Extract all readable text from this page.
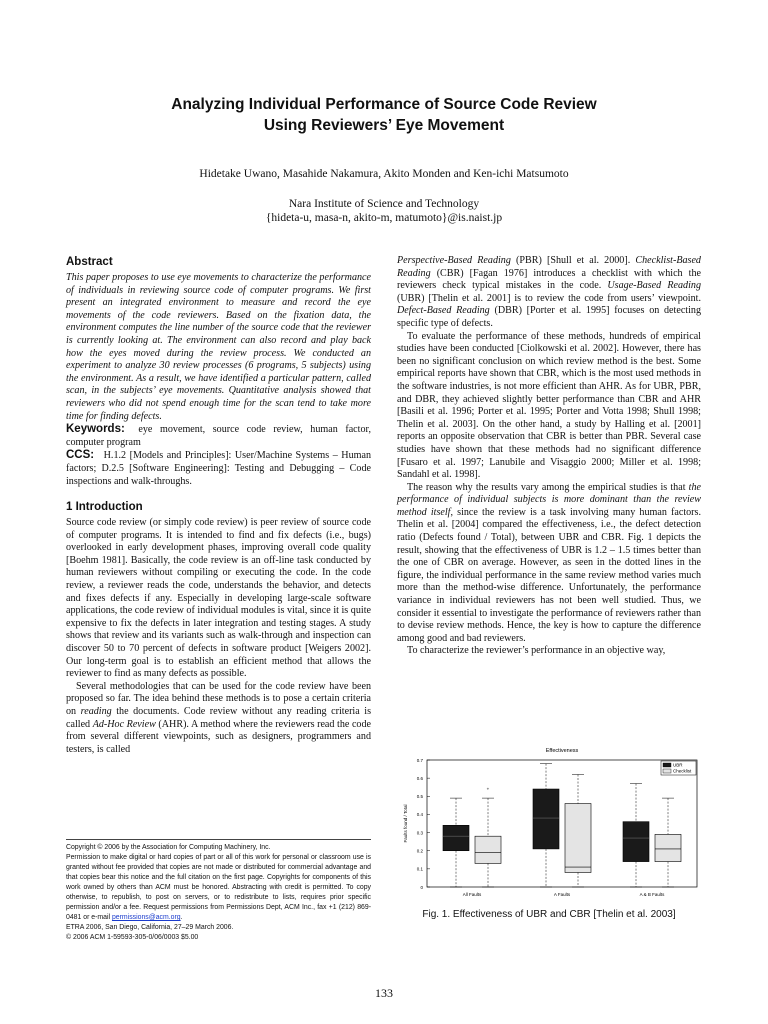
Analyzing Individual Performance of Source Code Review
Using Reviewers’ Eye Movement
Hidetake Uwano, Masahide Nakamura, Akito Monden and Ken-ichi Matsumoto
Nara Institute of Science and Technology
{hideta-u, masa-n, akito-m, matumoto}@is.naist.jp
Abstract

This paper proposes to use eye movements to characterize the performance of individuals in reviewing source code of computer programs. We first present an integrated environment to measure and record the eye movements of the code reviewers. Based on the fixation data, the environment computes the line number of the source code that the reviewer is currently looking at. The environment can also record and play back how the eyes moved during the review process. We conducted an experiment to analyze 30 review processes (6 programs, 5 subjects) using the environment. As a result, we have identified a particular pattern, called scan, in the subjects’ eye movements. Quantitative analysis showed that reviewers who did not spend enough time for the scan tend to take more time for finding defects.

Keywords: eye movement, source code review, human factor, computer program

CCS: H.1.2 [Models and Principles]: User/Machine Systems – Human factors; D.2.5 [Software Engineering]: Testing and Debugging – Code inspections and walk-throughs.

1 Introduction

Source code review (or simply code review) is peer review of source code of computer programs. It is intended to find and fix defects (i.e., bugs) overlooked in early development phases, improving overall code quality [Boehm 1981]. Basically, the code review is an off-line task conducted by human reviewers without compiling or executing the code. In the code review, a reviewer reads the code, understands the behavior, and detects and fixes defects if any. Especially in developing large-scale software applications, the code review of individual modules is vital, since it is quite expensive to fix the defects in later integration and testing stages. A study shows that review and its variants such as walk-through and inspection can discover 50 to 70 percent of defects in software product [Weigers 2002]. Our long-term goal is to establish an efficient method that allows the reviewer to find as many defects as possible.

Several methodologies that can be used for the code review have been proposed so far. The idea behind these methods is to pose a certain criteria on reading the documents. Code review without any reading criteria is called Ad-Hoc Review (AHR). A method where the reviewers read the code from several different viewpoints, such as designers, programmers and testers, is called

Copyright © 2006 by the Association for Computing Machinery, Inc.

Permission to make digital or hard copies of part or all of this work for personal or classroom use is granted without fee provided that copies are not made or distributed for commercial advantage and that copies bear this notice and the full citation on the first page. Copyrights for components of this work owned by others than ACM must be honored. Abstracting with credit is permitted. To copy otherwise, to republish, to post on servers, or to redistribute to lists, requires prior specific permission and/or a fee. Request permissions from Permissions Dept, ACM Inc., fax +1 (212) 869-0481 or e-mail permissions@acm.org.

ETRA 2006, San Diego, California, 27–29 March 2006.

© 2006 ACM 1-59593-305-0/06/0003 $5.00

Perspective-Based Reading (PBR) [Shull et al. 2000]. Checklist-Based Reading (CBR) [Fagan 1976] introduces a checklist with which the reviewers check typical mistakes in the code. Usage-Based Reading (UBR) [Thelin et al. 2001] is to review the code from users’ viewpoint. Defect-Based Reading (DBR) [Porter et al. 1995] focuses on detecting specific type of defects.

To evaluate the performance of these methods, hundreds of empirical studies have been conducted [Ciolkowski et al. 2002]. However, there has been no significant conclusion on which review method is the best. Some empirical reports have shown that CBR, which is the most used methods in the software industries, is not more efficient than AHR. As for UBR, PBR, and DBR, they achieved slightly better performance than CBR and AHR [Basili et al. 1996; Porter et al. 1995; Porter and Votta 1998; Shull 1998; Thelin et al. 2003]. On the other hand, a study by Halling et al. [2001] reports an opposite observation that CBR is better than PBR. Several case studies have shown that these methods had no significant difference [Fusaro et al. 1997; Lanubile and Visaggio 2000; Miller et al. 1998; Sandahl et al. 1998].

The reason why the results vary among the empirical studies is that the performance of individual subjects is more dominant than the review method itself, since the review is a task involving many human factors. Thelin et al. [2004] compared the effectiveness, i.e., the defect detection ratio (Defects found / Total), between UBR and CBR. Fig. 1 depicts the result, showing that the effectiveness of UBR is 1.2 – 1.5 times better than the one of CBR on average. However, as seen in the dotted lines in the figure, the individual performance in the same review method varies much more than the method-wise difference. Unfortunately, the performance variance in individual reviewers has not been well studied. Thus, we consider it essential to investigate the performance of reviewers rather than to devise review methods. Hence, the key is how to capture the difference among good and bad reviewers.

To characterize the reviewer’s performance in an objective way,

Effectiveness
0
0.1
0.2
0.3
0.4
0.5
0.6
0.7
Faults found / Total
All Faults
+
A Faults	A & B Faults
UBR
Checklist
Fig. 1. Effectiveness of UBR and CBR [Thelin et al. 2003]
133
